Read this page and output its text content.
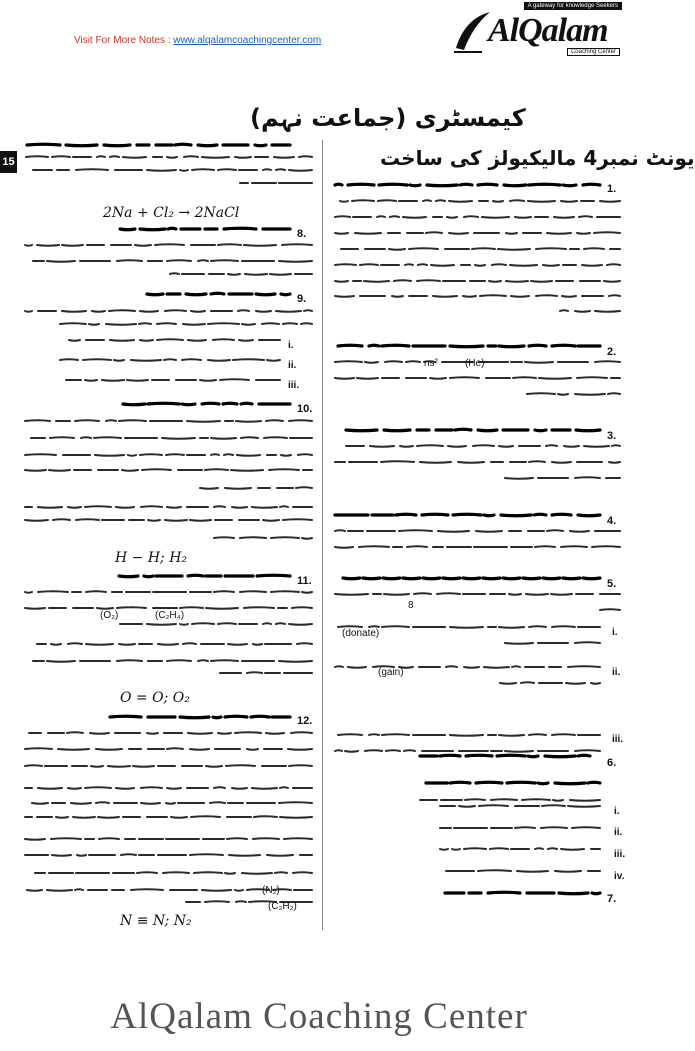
Visit For More Notes : www.alqalamcoachingcenter.com
A gateway for knowledge Seekers
AlQalam
Coaching Center
15
کیمسٹری (جماعت نہم)
یونٹ نمبر4 مالیکیولز کی ساخت
2Na + Cl₂ → 2NaCl
H − H; H₂
O = O; O₂
N ≡ N; N₂
8.
9.
10.
11.
12.
i.
ii.
iii.
(O₂)	(C₂H₄)
(N₂)
(C₂H₂)
1.
2.
3.
4.
5.
6.
7.
i.
ii.
iii.
i.
ii.
iii.
iv.
(He)
ns²
8
(donate)
(gain)
AlQalam Coaching Center
